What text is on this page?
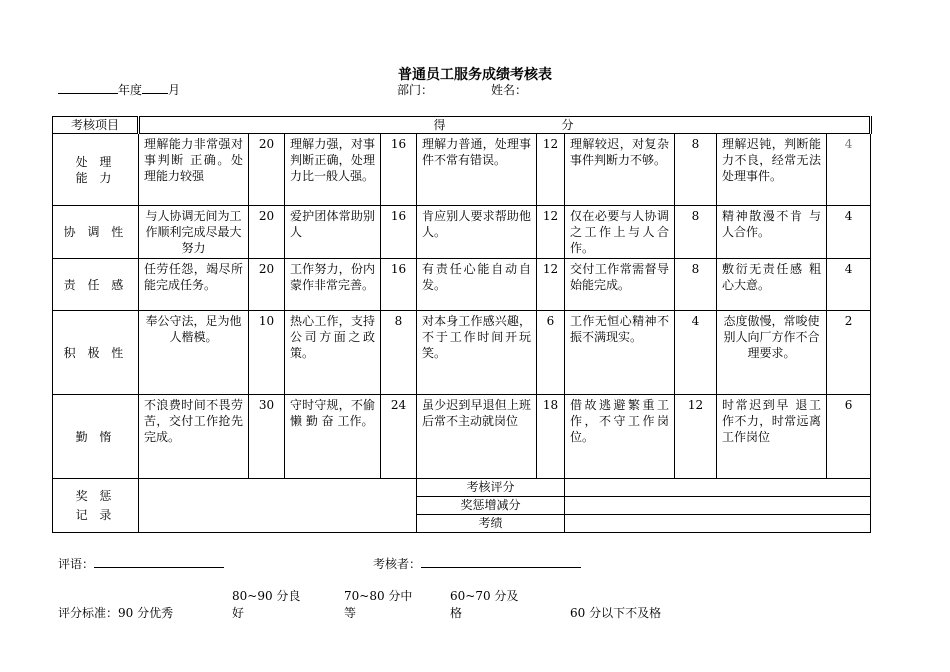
普通员工服务成绩考核表
年度 月	部门：	姓名：
考核项目	得 分									
处 理 能 力	理解能力非常强对事判断 正确。处理能力较强	20	理解力强，对事判断正确，处理力比一般人强。	16	理解力普通，处理事件不常有错误。	12	理解较迟，对复杂事件判断力不够。	8	理解迟钝，判断能力不良，经常无法 处理事件。	4
协 调 性	与人协调无间为工作顺利完成尽最大努力	20	爱护团体常助别人	16	肯应别人要求帮助他人。	12	仅在必要与人协调之工作上与人合作。	8	精神散漫不肯 与人合作。	4
责 任 感	任劳任怨，竭尽所能完成任务。	20	工作努力，份内蒙作非常完善。	16	有责任心能自动自发。	12	交付工作常需督导始能完成。	8	敷衍无责任感 粗心大意。	4
积 极 性	奉公守法，足为他人楷模。	10	热心工作，支持公司方面之政策。	8	对本身工作感兴趣，不于工作时间开玩笑。	6	工作无恒心精神不振不满现实。	4	态度傲慢，常唆使别人向厂方作不合理要求。	2
勤 惰	不浪费时间不畏劳苦，交付工作抢先完成。	30	守时守规，不偷 懒 勤 奋 工作。	24	虽少迟到早退但上班后常不主动就岗位	18	借故逃避繁重工作，不守工作岗位。	12	时常迟到早 退工作不力，时常远离工作岗位	6
奖 惩 记 录					考核评分					
					奖惩增减分					
					考绩					
评语：	考核者：
评分标准：90 分优秀80~90 分良好70~80 分中等60~70 分及格	60 分以下不及格
